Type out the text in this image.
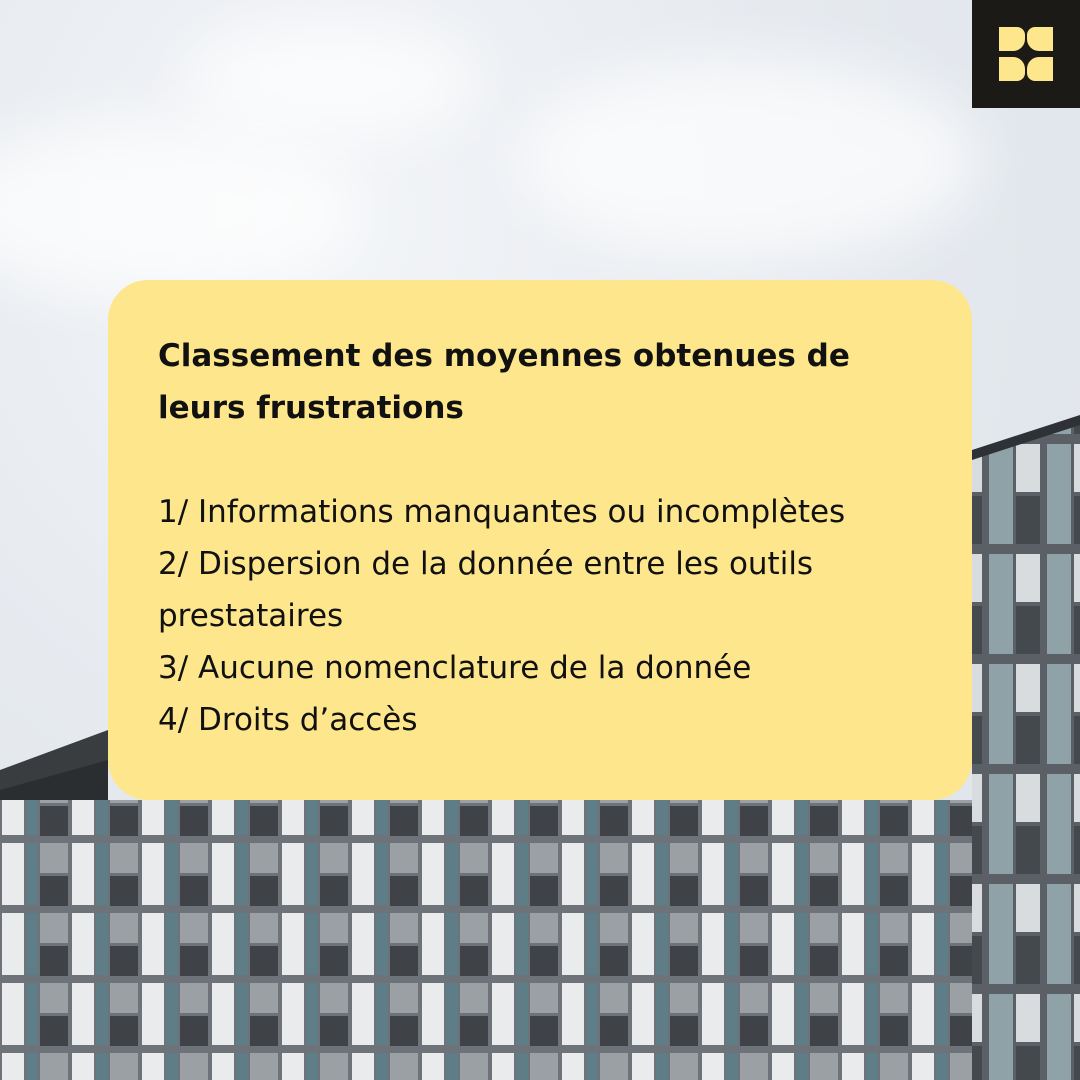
Classement des moyennes obtenues de leurs frustrations

1/ Informations manquantes ou incomplètes
2/ Dispersion de la donnée entre les outils prestataires
3/ Aucune nomenclature de la donnée
4/ Droits d’accès
